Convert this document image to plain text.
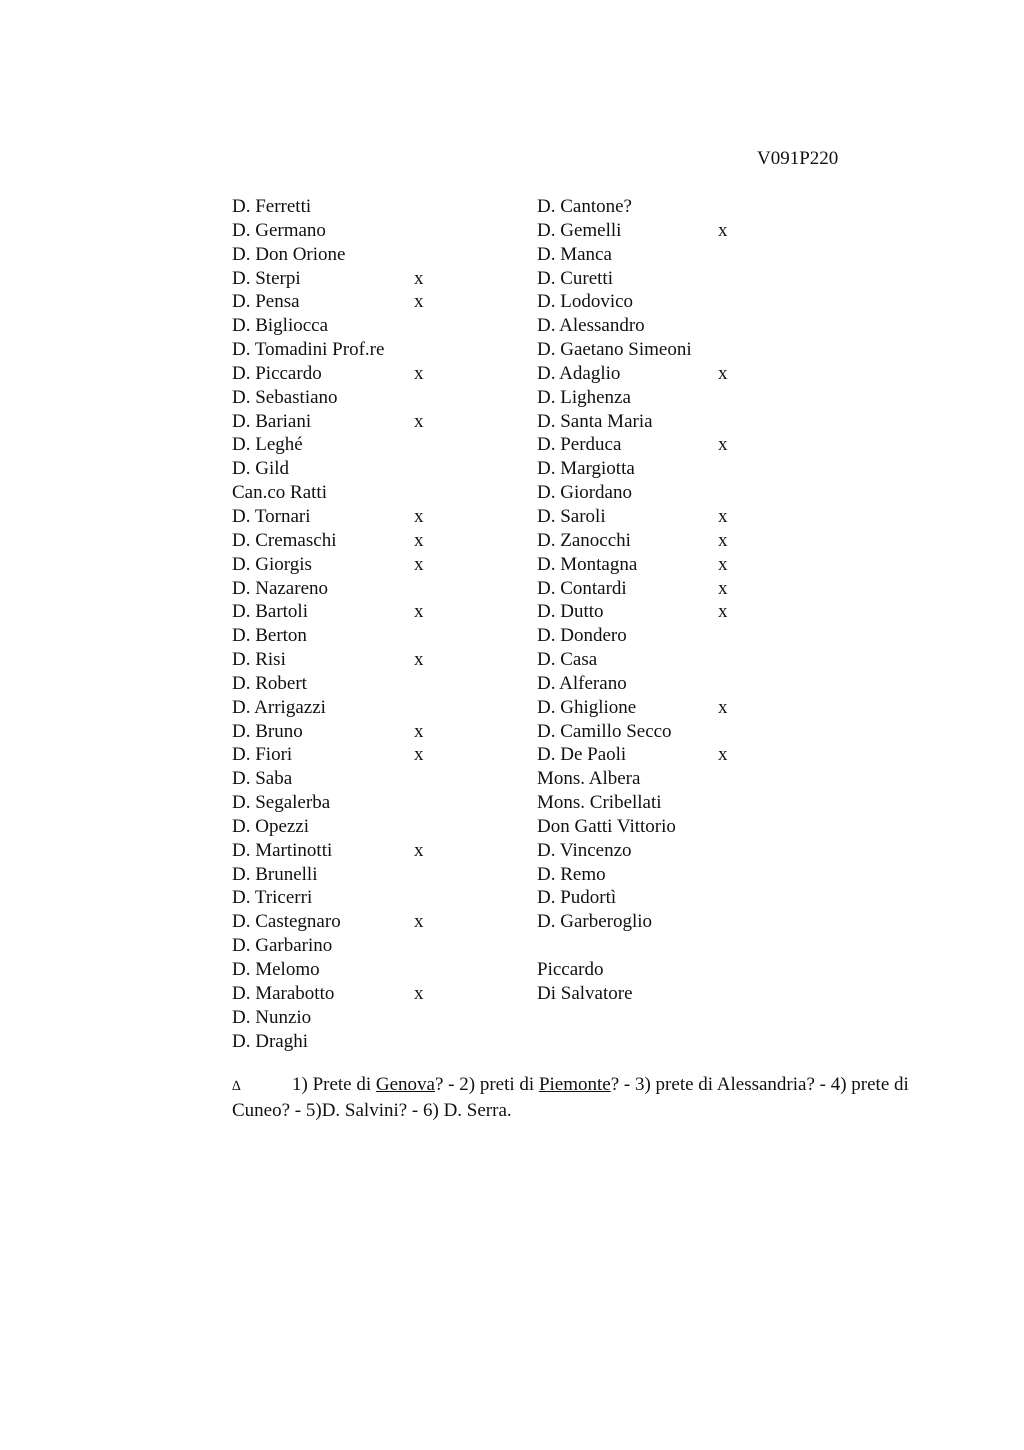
V091P220
D. Ferretti
D. Germano
D. Don Orione
D. Sterpi	x
D. Pensa	x
D. Bigliocca
D. Tomadini Prof.re
D. Piccardo	x
D. Sebastiano
D. Bariani	x
D. Leghé
D. Gild
Can.co Ratti
D. Tornari	x
D. Cremaschi	x
D. Giorgis	x
D. Nazareno
D. Bartoli	x
D. Berton
D. Risi	x
D. Robert
D. Arrigazzi
D. Bruno	x
D. Fiori	x
D. Saba
D. Segalerba
D. Opezzi
D. Martinotti	x
D. Brunelli
D. Tricerri
D. Castegnaro	x
D. Garbarino
D. Melomo
D. Marabotto	x
D. Nunzio
D. Draghi
D. Cantone?
D. Gemelli	x
D. Manca
D. Curetti
D. Lodovico
D. Alessandro
D. Gaetano Simeoni
D. Adaglio	x
D. Lighenza
D. Santa Maria
D. Perduca	x
D. Margiotta
D. Giordano
D. Saroli	x
D. Zanocchi	x
D. Montagna	x
D. Contardi	x
D. Dutto	x
D. Dondero
D. Casa
D. Alferano
D. Ghiglione	x
D. Camillo Secco
D. De Paoli	x
Mons. Albera
Mons. Cribellati
Don Gatti Vittorio
D. Vincenzo
D. Remo
D. Pudortì
D. Garberoglio
Piccardo
Di Salvatore
∆	1) Prete di Genova? - 2) preti di Piemonte? - 3) prete di Alessandria? - 4) prete di Cuneo? - 5)D. Salvini? - 6) D. Serra.
